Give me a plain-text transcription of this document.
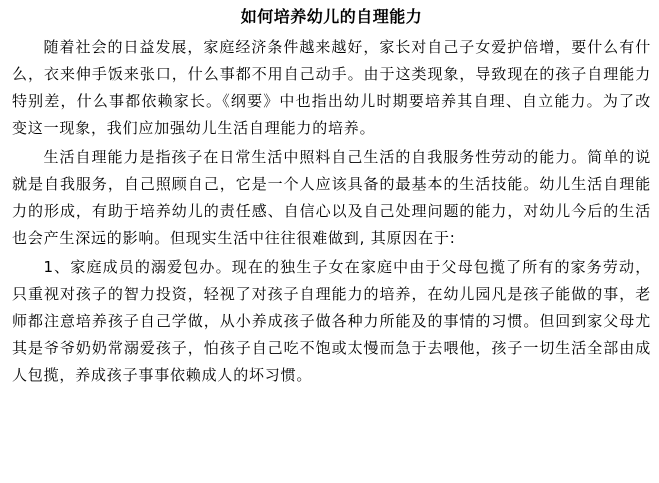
如何培养幼儿的自理能力

随着社会的日益发展，家庭经济条件越来越好，家长对自己子女爱护倍增，要什么有什么，衣来伸手饭来张口，什么事都不用自己动手。由于这类现象，导致现在的孩子自理能力特别差，什么事都依赖家长。《纲要》中也指出幼儿时期要培养其自理、自立能力。为了改变这一现象，我们应加强幼儿生活自理能力的培养。

生活自理能力是指孩子在日常生活中照料自己生活的自我服务性劳动的能力。简单的说就是自我服务，自己照顾自己，它是一个人应该具备的最基本的生活技能。幼儿生活自理能力的形成，有助于培养幼儿的责任感、自信心以及自己处理问题的能力，对幼儿今后的生活也会产生深远的影响。但现实生活中往往很难做到, 其原因在于:

1、家庭成员的溺爱包办。现在的独生子女在家庭中由于父母包揽了所有的家务劳动，只重视对孩子的智力投资，轻视了对孩子自理能力的培养，在幼儿园凡是孩子能做的事，老师都注意培养孩子自己学做，从小养成孩子做各种力所能及的事情的习惯。但回到家父母尤其是爷爷奶奶常溺爱孩子，怕孩子自己吃不饱或太慢而急于去喂他，孩子一切生活全部由成人包揽，养成孩子事事依赖成人的坏习惯。
